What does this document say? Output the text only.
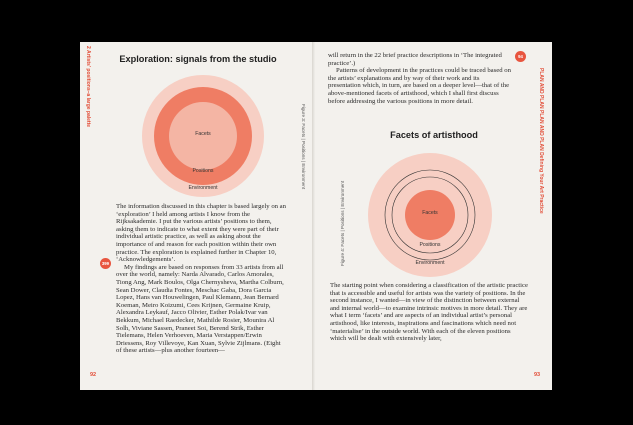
2 Artists' positions–a large palette	Exploration: signals from the studio
Facets
Positions
Environment	Figure 3: Facets | Positions | Environment
399

The information discussed in this chapter is based largely on an ‘exploration’ I held among artists I know from the Rijksakademie. I put the various artists’ positions to them, asking them to indicate to what extent they were part of their individual artistic practice, as well as asking about the importance of and reason for each position within their own practice. The exploration is explained further in Chapter 10, ‘Acknowledgements’.

My findings are based on responses from 33 artists from all over the world, namely: Narda Alvarado, Carlos Amorales, Tiong Ang, Mark Boulos, Olga Chernysheva, Martha Colburn, Sean Dower, Claudia Fontes, Meschac Gaba, Dora Garcia Lopez, Hans van Houwelingen, Paul Klemann, Jean Bernard Koeman, Meiro Koizumi, Cees Krijnen, Germaine Kruip, Alexandra Leykauf, Jacco Olivier, Esther Polak/Ivar van Bekkum, Michael Raedecker, Mathilde Rosier, Mounira Al Solh, Viviane Sassen, Praneet Soi, Berend Strik, Esther Tielemans, Helen Verhoeven, Maria Verstappen/Erwin Driessens, Roy Villevoye, Kan Xuan, Sylvie Zijlmans. (Eight of these artists—plus another fourteen—

92
94
PLAN AND PLAN PLAN AND PLAN Defining Your Art Practice

will return in the 22 brief practice descriptions in ‘The integrated practice’.)

Patterns of development in the practices could be traced based on the artists’ explanations and by way of their work and its presentation which, in turn, are based on a deeper level—that of the above-mentioned facets of artisthood, which I shall first discuss before addressing the various positions in more detail.

Facets of artisthood
Figure 4: Facets | Positions | Environment	Facets
Positions
Environment

The starting point when considering a classification of the artistic practice that is accessible and useful for artists was the variety of positions. In the second instance, I wanted—in view of the distinction between external and internal world—to examine intrinsic motives in more detail. They are what I term ‘facets’ and are aspects of an individual artist’s personal artisthood, like interests, inspirations and fascinations which need not ‘materialise’ in the outside world. With each of the eleven positions which will be dealt with extensively later,

93
